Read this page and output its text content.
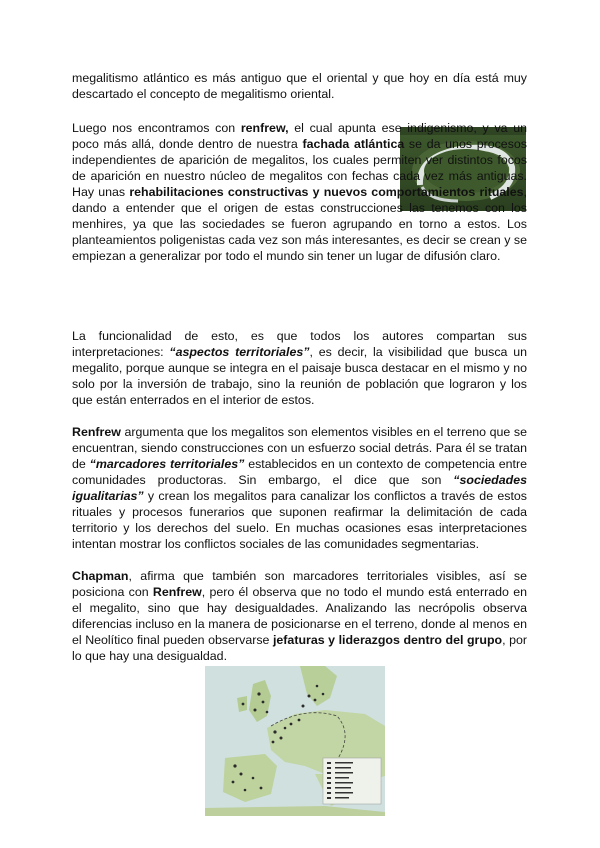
megalitismo atlántico es más antiguo que el oriental y que hoy en día está muy descartado el concepto de megalitismo oriental.

Luego nos encontramos con renfrew, el cual apunta ese indigenismo, y va un poco más allá, donde dentro de nuestra fachada atlántica se da unos procesos independientes de aparición de megalitos, los cuales permiten ver distintos focos de aparición en nuestro núcleo de megalitos con fechas cada vez más antiguas. Hay unas rehabilitaciones constructivas y nuevos comportamientos rituales, dando a entender que el origen de estas construcciones las tenemos con los menhires, ya que las sociedades se fueron agrupando en torno a estos. Los planteamientos poligenistas cada vez son más interesantes, es decir se crean y se empiezan a generalizar por todo el mundo sin tener un lugar de difusión claro.

La funcionalidad de esto, es que todos los autores compartan sus interpretaciones: “aspectos territoriales”, es decir, la visibilidad que busca un megalito, porque aunque se integra en el paisaje busca destacar en el mismo y no solo por la inversión de trabajo, sino la reunión de población que lograron y los que están enterrados en el interior de estos.

Renfrew argumenta que los megalitos son elementos visibles en el terreno que se encuentran, siendo construcciones con un esfuerzo social detrás. Para él se tratan de “marcadores territoriales” establecidos en un contexto de competencia entre comunidades productoras. Sin embargo, el dice que son “sociedades igualitarias” y crean los megalitos para canalizar los conflictos a través de estos rituales y procesos funerarios que suponen reafirmar la delimitación de cada territorio y los derechos del suelo. En muchas ocasiones esas interpretaciones intentan mostrar los conflictos sociales de las comunidades segmentarias.

Chapman, afirma que también son marcadores territoriales visibles, así se posiciona con Renfrew, pero él observa que no todo el mundo está enterrado en el megalito, sino que hay desigualdades. Analizando las necrópolis observa diferencias incluso en la manera de posicionarse en el terreno, donde al menos en el Neolítico final pueden observarse jefaturas y liderazgos dentro del grupo, por lo que hay una desigualdad.
